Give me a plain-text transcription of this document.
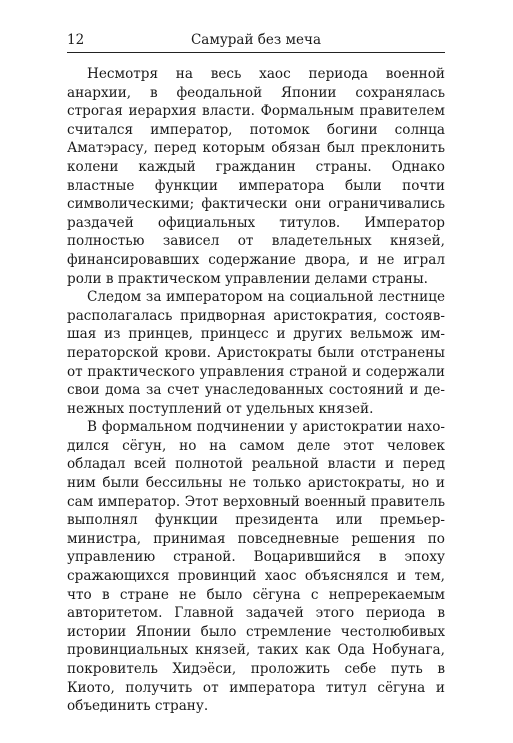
12	Самурай без меча

Несмотря на весь хаос периода военной анархии, в феодальной Японии сохранялась строгая иерархия власти. Формальным правителем считался император, потомок богини солнца Аматэрасу, перед которым обязан был преклонить колени каждый гражданин страны. Однако властные функции императора были почти символическими; фактически они ограничивались раздачей официальных титулов. Император полностью зависел от владетельных князей, финансировавших содержание двора, и не играл роли в практическом управлении делами страны.

Следом за императором на социальной лестнице располагалась придворная аристократия, состоявшая из принцев, принцесс и других вельмож императорской крови. Аристократы были отстранены от практического управления страной и содержали свои дома за счет унаследованных состояний и денежных поступлений от удельных князей.

В формальном подчинении у аристократии находился сёгун, но на самом деле этот человек обладал всей полнотой реальной власти и перед ним были бессильны не только аристократы, но и сам император. Этот верховный военный правитель выполнял функции президента или премьер-министра, принимая повседневные решения по управлению страной. Воцарившийся в эпоху сражающихся провинций хаос объяснялся и тем, что в стране не было сёгуна с непререкаемым авторитетом. Главной задачей этого периода в истории Японии было стремление честолюбивых провинциальных князей, таких как Ода Нобунага, покровитель Хидэёси, проложить себе путь в Киото, получить от императора титул сёгуна и объединить страну.
